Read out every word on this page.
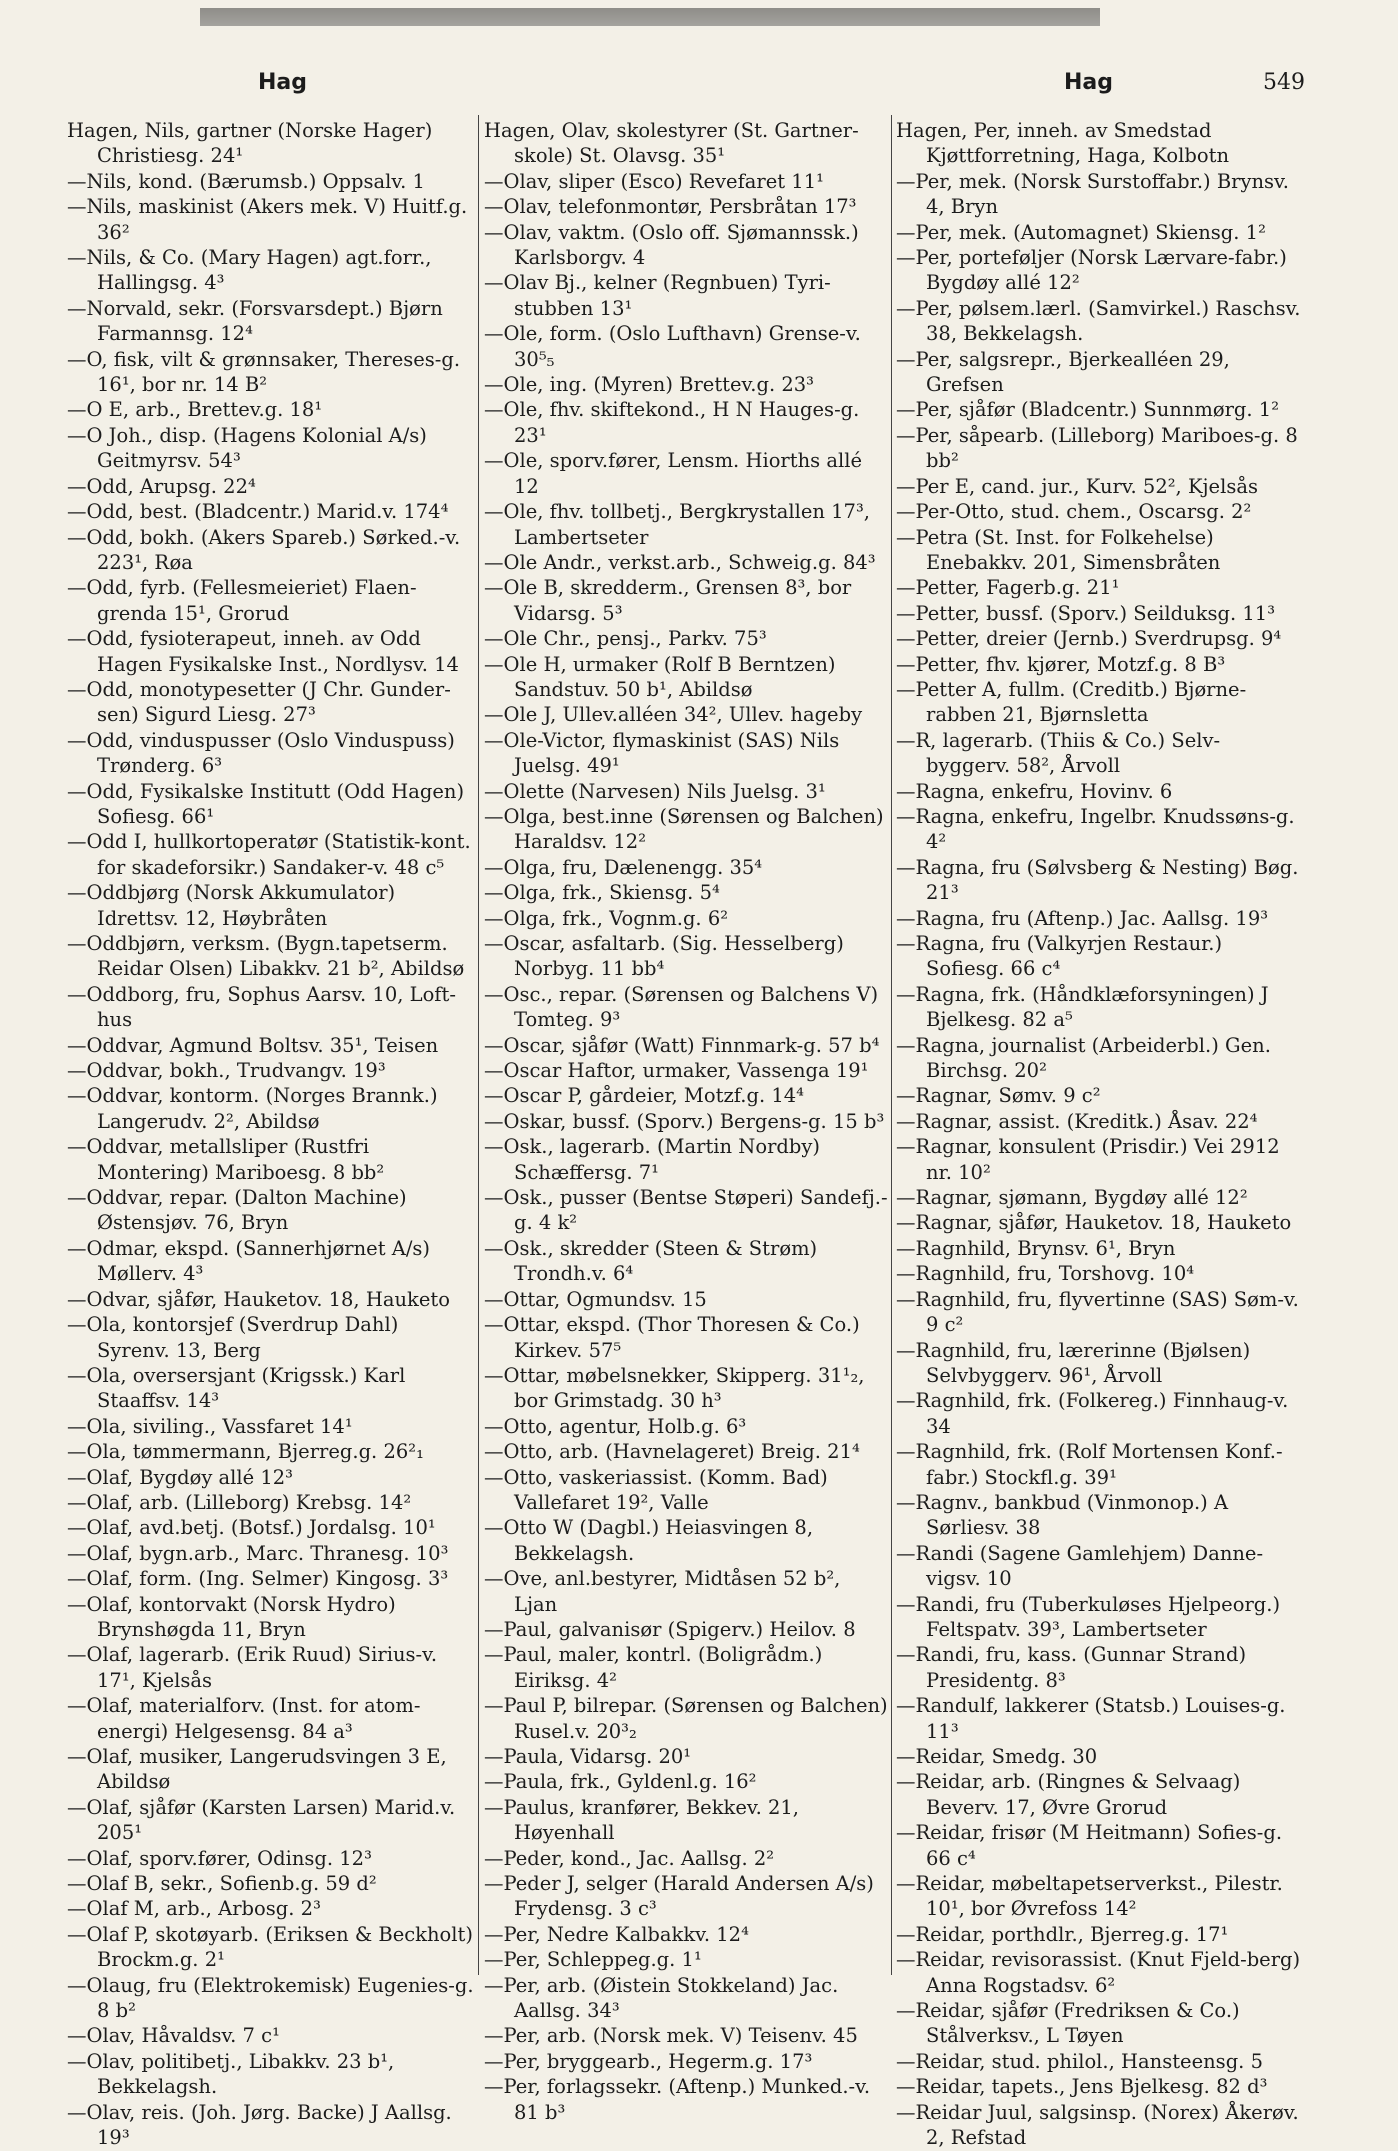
Hag	Hag	549

Hagen, Nils, gartner (Norske Hager) Christiesg. 24¹

—Nils, kond. (Bærumsb.) Oppsalv. 1

—Nils, maskinist (Akers mek. V) Huitf.g. 36²

—Nils, & Co. (Mary Hagen) agt.forr., Hallingsg. 4³

—Norvald, sekr. (Forsvarsdept.) Bjørn Farmannsg. 12⁴

—O, fisk, vilt & grønnsaker, Thereses-g. 16¹, bor nr. 14 B²

—O E, arb., Brettev.g. 18¹

—O Joh., disp. (Hagens Kolonial A/s) Geitmyrsv. 54³

—Odd, Arupsg. 22⁴

—Odd, best. (Bladcentr.) Marid.v. 174⁴

—Odd, bokh. (Akers Spareb.) Sørked.-v. 223¹, Røa

—Odd, fyrb. (Fellesmeieriet) Flaen-grenda 15¹, Grorud

—Odd, fysioterapeut, inneh. av Odd Hagen Fysikalske Inst., Nordlysv. 14

—Odd, monotypesetter (J Chr. Gunder-sen) Sigurd Liesg. 27³

—Odd, vinduspusser (Oslo Vinduspuss) Trønderg. 6³

—Odd, Fysikalske Institutt (Odd Hagen) Sofiesg. 66¹

—Odd I, hullkortoperatør (Statistik-kont. for skadeforsikr.) Sandaker-v. 48 c⁵

—Oddbjørg (Norsk Akkumulator) Idrettsv. 12, Høybråten

—Oddbjørn, verksm. (Bygn.tapetserm. Reidar Olsen) Libakkv. 21 b², Abildsø

—Oddborg, fru, Sophus Aarsv. 10, Loft-hus

—Oddvar, Agmund Boltsv. 35¹, Teisen

—Oddvar, bokh., Trudvangv. 19³

—Oddvar, kontorm. (Norges Brannk.) Langerudv. 2², Abildsø

—Oddvar, metallsliper (Rustfri Montering) Mariboesg. 8 bb²

—Oddvar, repar. (Dalton Machine) Østensjøv. 76, Bryn

—Odmar, ekspd. (Sannerhjørnet A/s) Møllerv. 4³

—Odvar, sjåfør, Hauketov. 18, Hauketo

—Ola, kontorsjef (Sverdrup Dahl) Syrenv. 13, Berg

—Ola, oversersjant (Krigssk.) Karl Staaffsv. 14³

—Ola, siviling., Vassfaret 14¹

—Ola, tømmermann, Bjerreg.g. 26²₁

—Olaf, Bygdøy allé 12³

—Olaf, arb. (Lilleborg) Krebsg. 14²

—Olaf, avd.betj. (Botsf.) Jordalsg. 10¹

—Olaf, bygn.arb., Marc. Thranesg. 10³

—Olaf, form. (Ing. Selmer) Kingosg. 3³

—Olaf, kontorvakt (Norsk Hydro) Brynshøgda 11, Bryn

—Olaf, lagerarb. (Erik Ruud) Sirius-v. 17¹, Kjelsås

—Olaf, materialforv. (Inst. for atom-energi) Helgesensg. 84 a³

—Olaf, musiker, Langerudsvingen 3 E, Abildsø

—Olaf, sjåfør (Karsten Larsen) Marid.v. 205¹

—Olaf, sporv.fører, Odinsg. 12³

—Olaf B, sekr., Sofienb.g. 59 d²

—Olaf M, arb., Arbosg. 2³

—Olaf P, skotøyarb. (Eriksen & Beckholt) Brockm.g. 2¹

—Olaug, fru (Elektrokemisk) Eugenies-g. 8 b²

—Olav, Håvaldsv. 7 c¹

—Olav, politibetj., Libakkv. 23 b¹, Bekkelagsh.

—Olav, reis. (Joh. Jørg. Backe) J Aallsg. 19³

Hagen, Olav, skolestyrer (St. Gartner-skole) St. Olavsg. 35¹

—Olav, sliper (Esco) Revefaret 11¹

—Olav, telefonmontør, Persbråtan 17³

—Olav, vaktm. (Oslo off. Sjømannssk.) Karlsborgv. 4

—Olav Bj., kelner (Regnbuen) Tyri-stubben 13¹

—Ole, form. (Oslo Lufthavn) Grense-v. 30⁵₅

—Ole, ing. (Myren) Brettev.g. 23³

—Ole, fhv. skiftekond., H N Hauges-g. 23¹

—Ole, sporv.fører, Lensm. Hiorths allé 12

—Ole, fhv. tollbetj., Bergkrystallen 17³, Lambertseter

—Ole Andr., verkst.arb., Schweig.g. 84³

—Ole B, skredderm., Grensen 8³, bor Vidarsg. 5³

—Ole Chr., pensj., Parkv. 75³

—Ole H, urmaker (Rolf B Berntzen) Sandstuv. 50 b¹, Abildsø

—Ole J, Ullev.alléen 34², Ullev. hageby

—Ole-Victor, flymaskinist (SAS) Nils Juelsg. 49¹

—Olette (Narvesen) Nils Juelsg. 3¹

—Olga, best.inne (Sørensen og Balchen) Haraldsv. 12²

—Olga, fru, Dælenengg. 35⁴

—Olga, frk., Skiensg. 5⁴

—Olga, frk., Vognm.g. 6²

—Oscar, asfaltarb. (Sig. Hesselberg) Norbyg. 11 bb⁴

—Osc., repar. (Sørensen og Balchens V) Tomteg. 9³

—Oscar, sjåfør (Watt) Finnmark-g. 57 b⁴

—Oscar Haftor, urmaker, Vassenga 19¹

—Oscar P, gårdeier, Motzf.g. 14⁴

—Oskar, bussf. (Sporv.) Bergens-g. 15 b³

—Osk., lagerarb. (Martin Nordby) Schæffersg. 7¹

—Osk., pusser (Bentse Støperi) Sandefj.-g. 4 k²

—Osk., skredder (Steen & Strøm) Trondh.v. 6⁴

—Ottar, Ogmundsv. 15

—Ottar, ekspd. (Thor Thoresen & Co.) Kirkev. 57⁵

—Ottar, møbelsnekker, Skipperg. 31¹₂, bor Grimstadg. 30 h³

—Otto, agentur, Holb.g. 6³

—Otto, arb. (Havnelageret) Breig. 21⁴

—Otto, vaskeriassist. (Komm. Bad) Vallefaret 19², Valle

—Otto W (Dagbl.) Heiasvingen 8, Bekkelagsh.

—Ove, anl.bestyrer, Midtåsen 52 b², Ljan

—Paul, galvanisør (Spigerv.) Heilov. 8

—Paul, maler, kontrl. (Boligrådm.) Eiriksg. 4²

—Paul P, bilrepar. (Sørensen og Balchen) Rusel.v. 20³₂

—Paula, Vidarsg. 20¹

—Paula, frk., Gyldenl.g. 16²

—Paulus, kranfører, Bekkev. 21, Høyenhall

—Peder, kond., Jac. Aallsg. 2²

—Peder J, selger (Harald Andersen A/s) Frydensg. 3 c³

—Per, Nedre Kalbakkv. 12⁴

—Per, Schleppeg.g. 1¹

—Per, arb. (Øistein Stokkeland) Jac. Aallsg. 34³

—Per, arb. (Norsk mek. V) Teisenv. 45

—Per, bryggearb., Hegerm.g. 17³

—Per, forlagssekr. (Aftenp.) Munked.-v. 81 b³

Hagen, Per, inneh. av Smedstad Kjøttforretning, Haga, Kolbotn

—Per, mek. (Norsk Surstoffabr.) Brynsv. 4, Bryn

—Per, mek. (Automagnet) Skiensg. 1²

—Per, porteføljer (Norsk Lærvare-fabr.) Bygdøy allé 12²

—Per, pølsem.lærl. (Samvirkel.) Raschsv. 38, Bekkelagsh.

—Per, salgsrepr., Bjerkealléen 29, Grefsen

—Per, sjåfør (Bladcentr.) Sunnmørg. 1²

—Per, såpearb. (Lilleborg) Mariboes-g. 8 bb²

—Per E, cand. jur., Kurv. 52², Kjelsås

—Per-Otto, stud. chem., Oscarsg. 2²

—Petra (St. Inst. for Folkehelse) Enebakkv. 201, Simensbråten

—Petter, Fagerb.g. 21¹

—Petter, bussf. (Sporv.) Seilduksg. 11³

—Petter, dreier (Jernb.) Sverdrupsg. 9⁴

—Petter, fhv. kjører, Motzf.g. 8 B³

—Petter A, fullm. (Creditb.) Bjørne-rabben 21, Bjørnsletta

—R, lagerarb. (Thiis & Co.) Selv-byggerv. 58², Årvoll

—Ragna, enkefru, Hovinv. 6

—Ragna, enkefru, Ingelbr. Knudssøns-g. 4²

—Ragna, fru (Sølvsberg & Nesting) Bøg. 21³

—Ragna, fru (Aftenp.) Jac. Aallsg. 19³

—Ragna, fru (Valkyrjen Restaur.) Sofiesg. 66 c⁴

—Ragna, frk. (Håndklæforsyningen) J Bjelkesg. 82 a⁵

—Ragna, journalist (Arbeiderbl.) Gen. Birchsg. 20²

—Ragnar, Sømv. 9 c²

—Ragnar, assist. (Kreditk.) Åsav. 22⁴

—Ragnar, konsulent (Prisdir.) Vei 2912 nr. 10²

—Ragnar, sjømann, Bygdøy allé 12²

—Ragnar, sjåfør, Hauketov. 18, Hauketo

—Ragnhild, Brynsv. 6¹, Bryn

—Ragnhild, fru, Torshovg. 10⁴

—Ragnhild, fru, flyvertinne (SAS) Søm-v. 9 c²

—Ragnhild, fru, lærerinne (Bjølsen) Selvbyggerv. 96¹, Årvoll

—Ragnhild, frk. (Folkereg.) Finnhaug-v. 34

—Ragnhild, frk. (Rolf Mortensen Konf.-fabr.) Stockfl.g. 39¹

—Ragnv., bankbud (Vinmonop.) A Sørliesv. 38

—Randi (Sagene Gamlehjem) Danne-vigsv. 10

—Randi, fru (Tuberkuløses Hjelpeorg.) Feltspatv. 39³, Lambertseter

—Randi, fru, kass. (Gunnar Strand) Presidentg. 8³

—Randulf, lakkerer (Statsb.) Louises-g. 11³

—Reidar, Smedg. 30

—Reidar, arb. (Ringnes & Selvaag) Beverv. 17, Øvre Grorud

—Reidar, frisør (M Heitmann) Sofies-g. 66 c⁴

—Reidar, møbeltapetserverkst., Pilestr. 10¹, bor Øvrefoss 14²

—Reidar, porthdlr., Bjerreg.g. 17¹

—Reidar, revisorassist. (Knut Fjeld-berg) Anna Rogstadsv. 6²

—Reidar, sjåfør (Fredriksen & Co.) Stålverksv., L Tøyen

—Reidar, stud. philol., Hansteensg. 5

—Reidar, tapets., Jens Bjelkesg. 82 d³

—Reidar Juul, salgsinsp. (Norex) Åkerøv. 2, Refstad
